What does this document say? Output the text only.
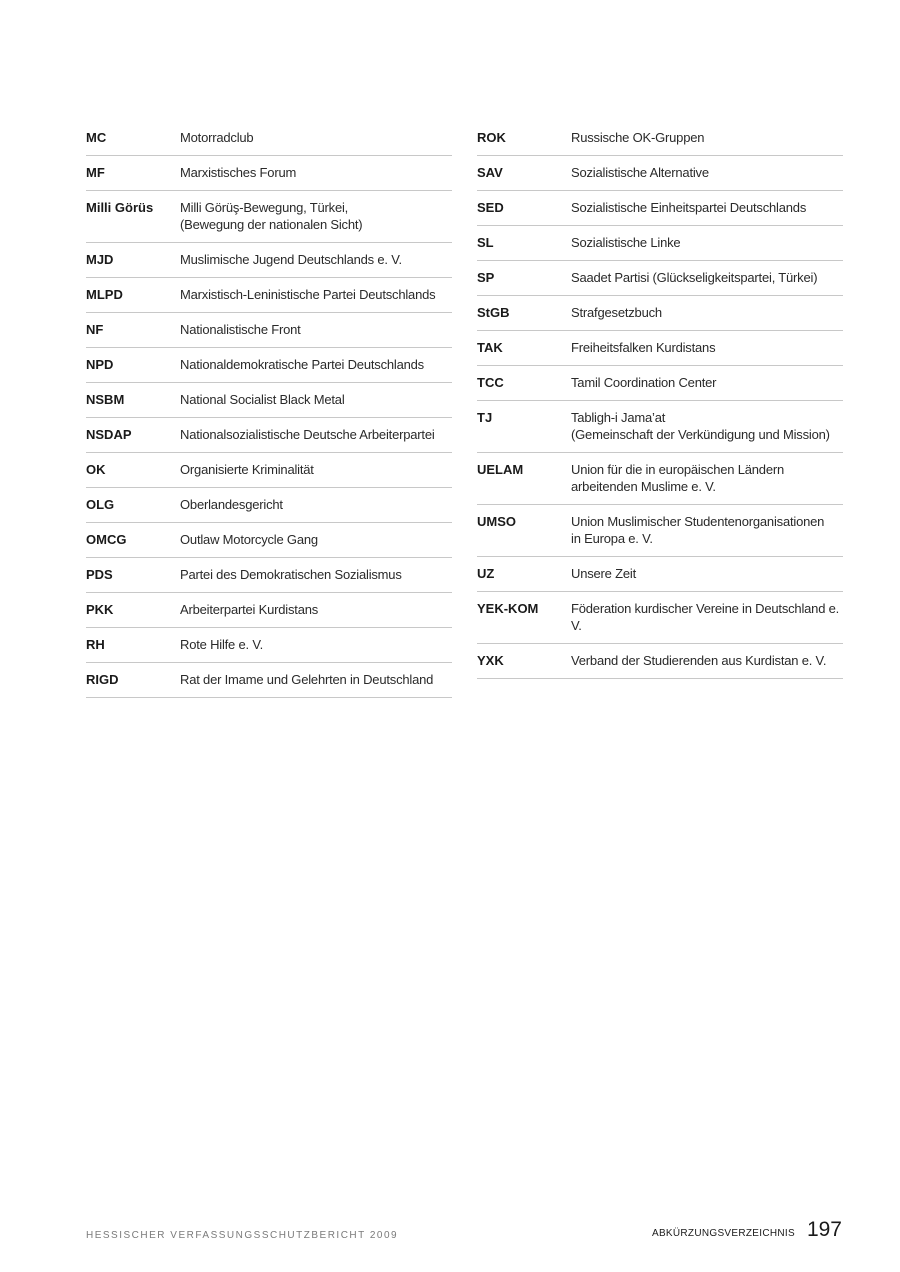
MC	Motorradclub
MF	Marxistisches Forum
Milli Görüs	Milli Görüş-Bewegung, Türkei,
(Bewegung der nationalen Sicht)
MJD	Muslimische Jugend Deutschlands e. V.
MLPD	Marxistisch-Leninistische Partei Deutschlands
NF	Nationalistische Front
NPD	Nationaldemokratische Partei Deutschlands
NSBM	National Socialist Black Metal
NSDAP	Nationalsozialistische Deutsche Arbeiterpartei
OK	Organisierte Kriminalität
OLG	Oberlandesgericht
OMCG	Outlaw Motorcycle Gang
PDS	Partei des Demokratischen Sozialismus
PKK	Arbeiterpartei Kurdistans
RH	Rote Hilfe e. V.
RIGD	Rat der Imame und Gelehrten in Deutschland
ROK	Russische OK-Gruppen
SAV	Sozialistische Alternative
SED	Sozialistische Einheitspartei Deutschlands
SL	Sozialistische Linke
SP	Saadet Partisi (Glückseligkeitspartei, Türkei)
StGB	Strafgesetzbuch
TAK	Freiheitsfalken Kurdistans
TCC	Tamil Coordination Center
TJ	Tabligh-i Jama’at
(Gemeinschaft der Verkündigung und Mission)
UELAM	Union für die in europäischen Ländern
arbeitenden Muslime e. V.
UMSO	Union Muslimischer Studentenorganisationen
in Europa e. V.
UZ	Unsere Zeit
YEK-KOM	Föderation kurdischer Vereine in Deutschland e. V.
YXK	Verband der Studierenden aus Kurdistan e. V.
HESSISCHER VERFASSUNGSSCHUTZBERICHT 2009	ABKÜRZUNGSVERZEICHNIS 197
